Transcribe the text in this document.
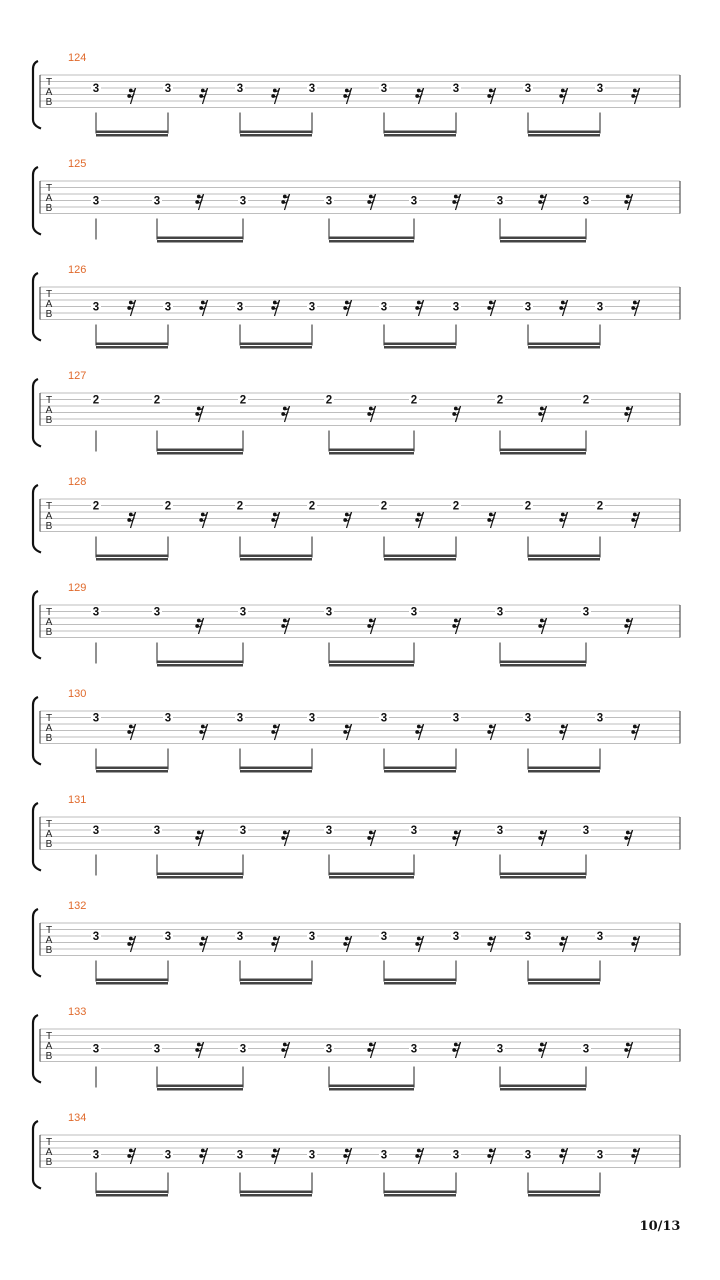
T
A
B
124
3	3	3	3	3	3	3	3
T
A
B
125
3	3	3	3	3	3	3
T
A
B
126
3	3	3	3	3	3	3	3
T
A
B
127
2	2	2	2	2	2	2
T
A
B
128
2	2	2	2	2	2	2	2
T
A
B
129
3	3	3	3	3	3	3
T
A
B
130
3	3	3	3	3	3	3	3
T
A
B
131
3	3	3	3	3	3	3
T
A
B
132
3	3	3	3	3	3	3	3
T
A
B
133
3	3	3	3	3	3	3
T
A
B
134
3	3	3	3	3	3	3	3
10/13
